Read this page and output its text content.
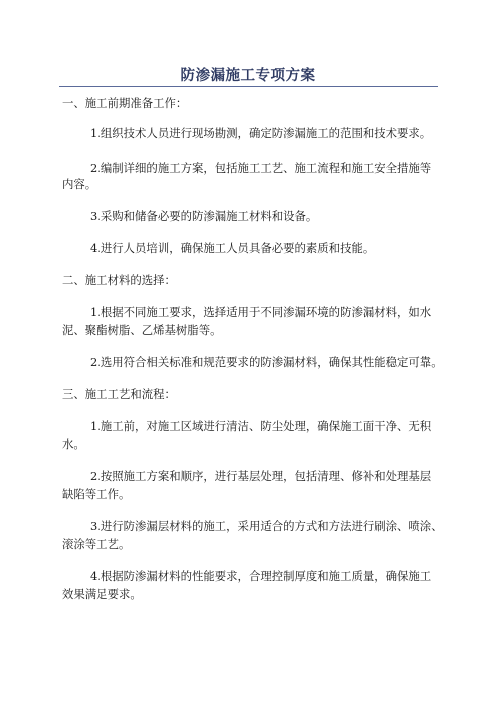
防渗漏施工专项方案

一、施工前期准备工作：

1.组织技术人员进行现场勘测，确定防渗漏施工的范围和技术要求。

2.编制详细的施工方案，包括施工工艺、施工流程和施工安全措施等

内容。

3.采购和储备必要的防渗漏施工材料和设备。

4.进行人员培训，确保施工人员具备必要的素质和技能。

二、施工材料的选择：

1.根据不同施工要求，选择适用于不同渗漏环境的防渗漏材料，如水

泥、聚酯树脂、乙烯基树脂等。

2.选用符合相关标准和规范要求的防渗漏材料，确保其性能稳定可靠。

三、施工工艺和流程：

1.施工前，对施工区域进行清洁、防尘处理，确保施工面干净、无积

水。

2.按照施工方案和顺序，进行基层处理，包括清理、修补和处理基层

缺陷等工作。

3.进行防渗漏层材料的施工，采用适合的方式和方法进行刷涂、喷涂、

滚涂等工艺。

4.根据防渗漏材料的性能要求，合理控制厚度和施工质量，确保施工

效果满足要求。
